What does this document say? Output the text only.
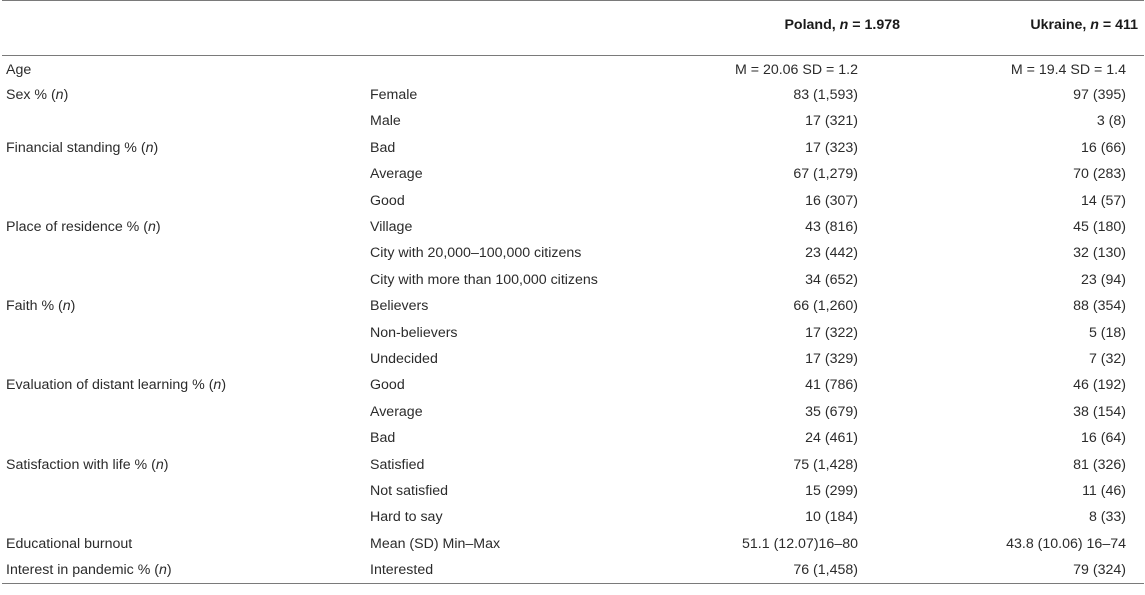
		Poland, n = 1.978	Ukraine, n = 411
Age		M = 20.06 SD = 1.2	M = 19.4 SD = 1.4
Sex % (n)	Female	83 (1,593)	97 (395)
	Male	17 (321)	3 (8)
Financial standing % (n)	Bad	17 (323)	16 (66)
	Average	67 (1,279)	70 (283)
	Good	16 (307)	14 (57)
Place of residence % (n)	Village	43 (816)	45 (180)
	City with 20,000–100,000 citizens	23 (442)	32 (130)
	City with more than 100,000 citizens	34 (652)	23 (94)
Faith % (n)	Believers	66 (1,260)	88 (354)
	Non-believers	17 (322)	5 (18)
	Undecided	17 (329)	7 (32)
Evaluation of distant learning % (n)	Good	41 (786)	46 (192)
	Average	35 (679)	38 (154)
	Bad	24 (461)	16 (64)
Satisfaction with life % (n)	Satisfied	75 (1,428)	81 (326)
	Not satisfied	15 (299)	11 (46)
	Hard to say	10 (184)	8 (33)
Educational burnout	Mean (SD) Min–Max	51.1 (12.07)16–80	43.8 (10.06) 16–74
Interest in pandemic % (n)	Interested	76 (1,458)	79 (324)
